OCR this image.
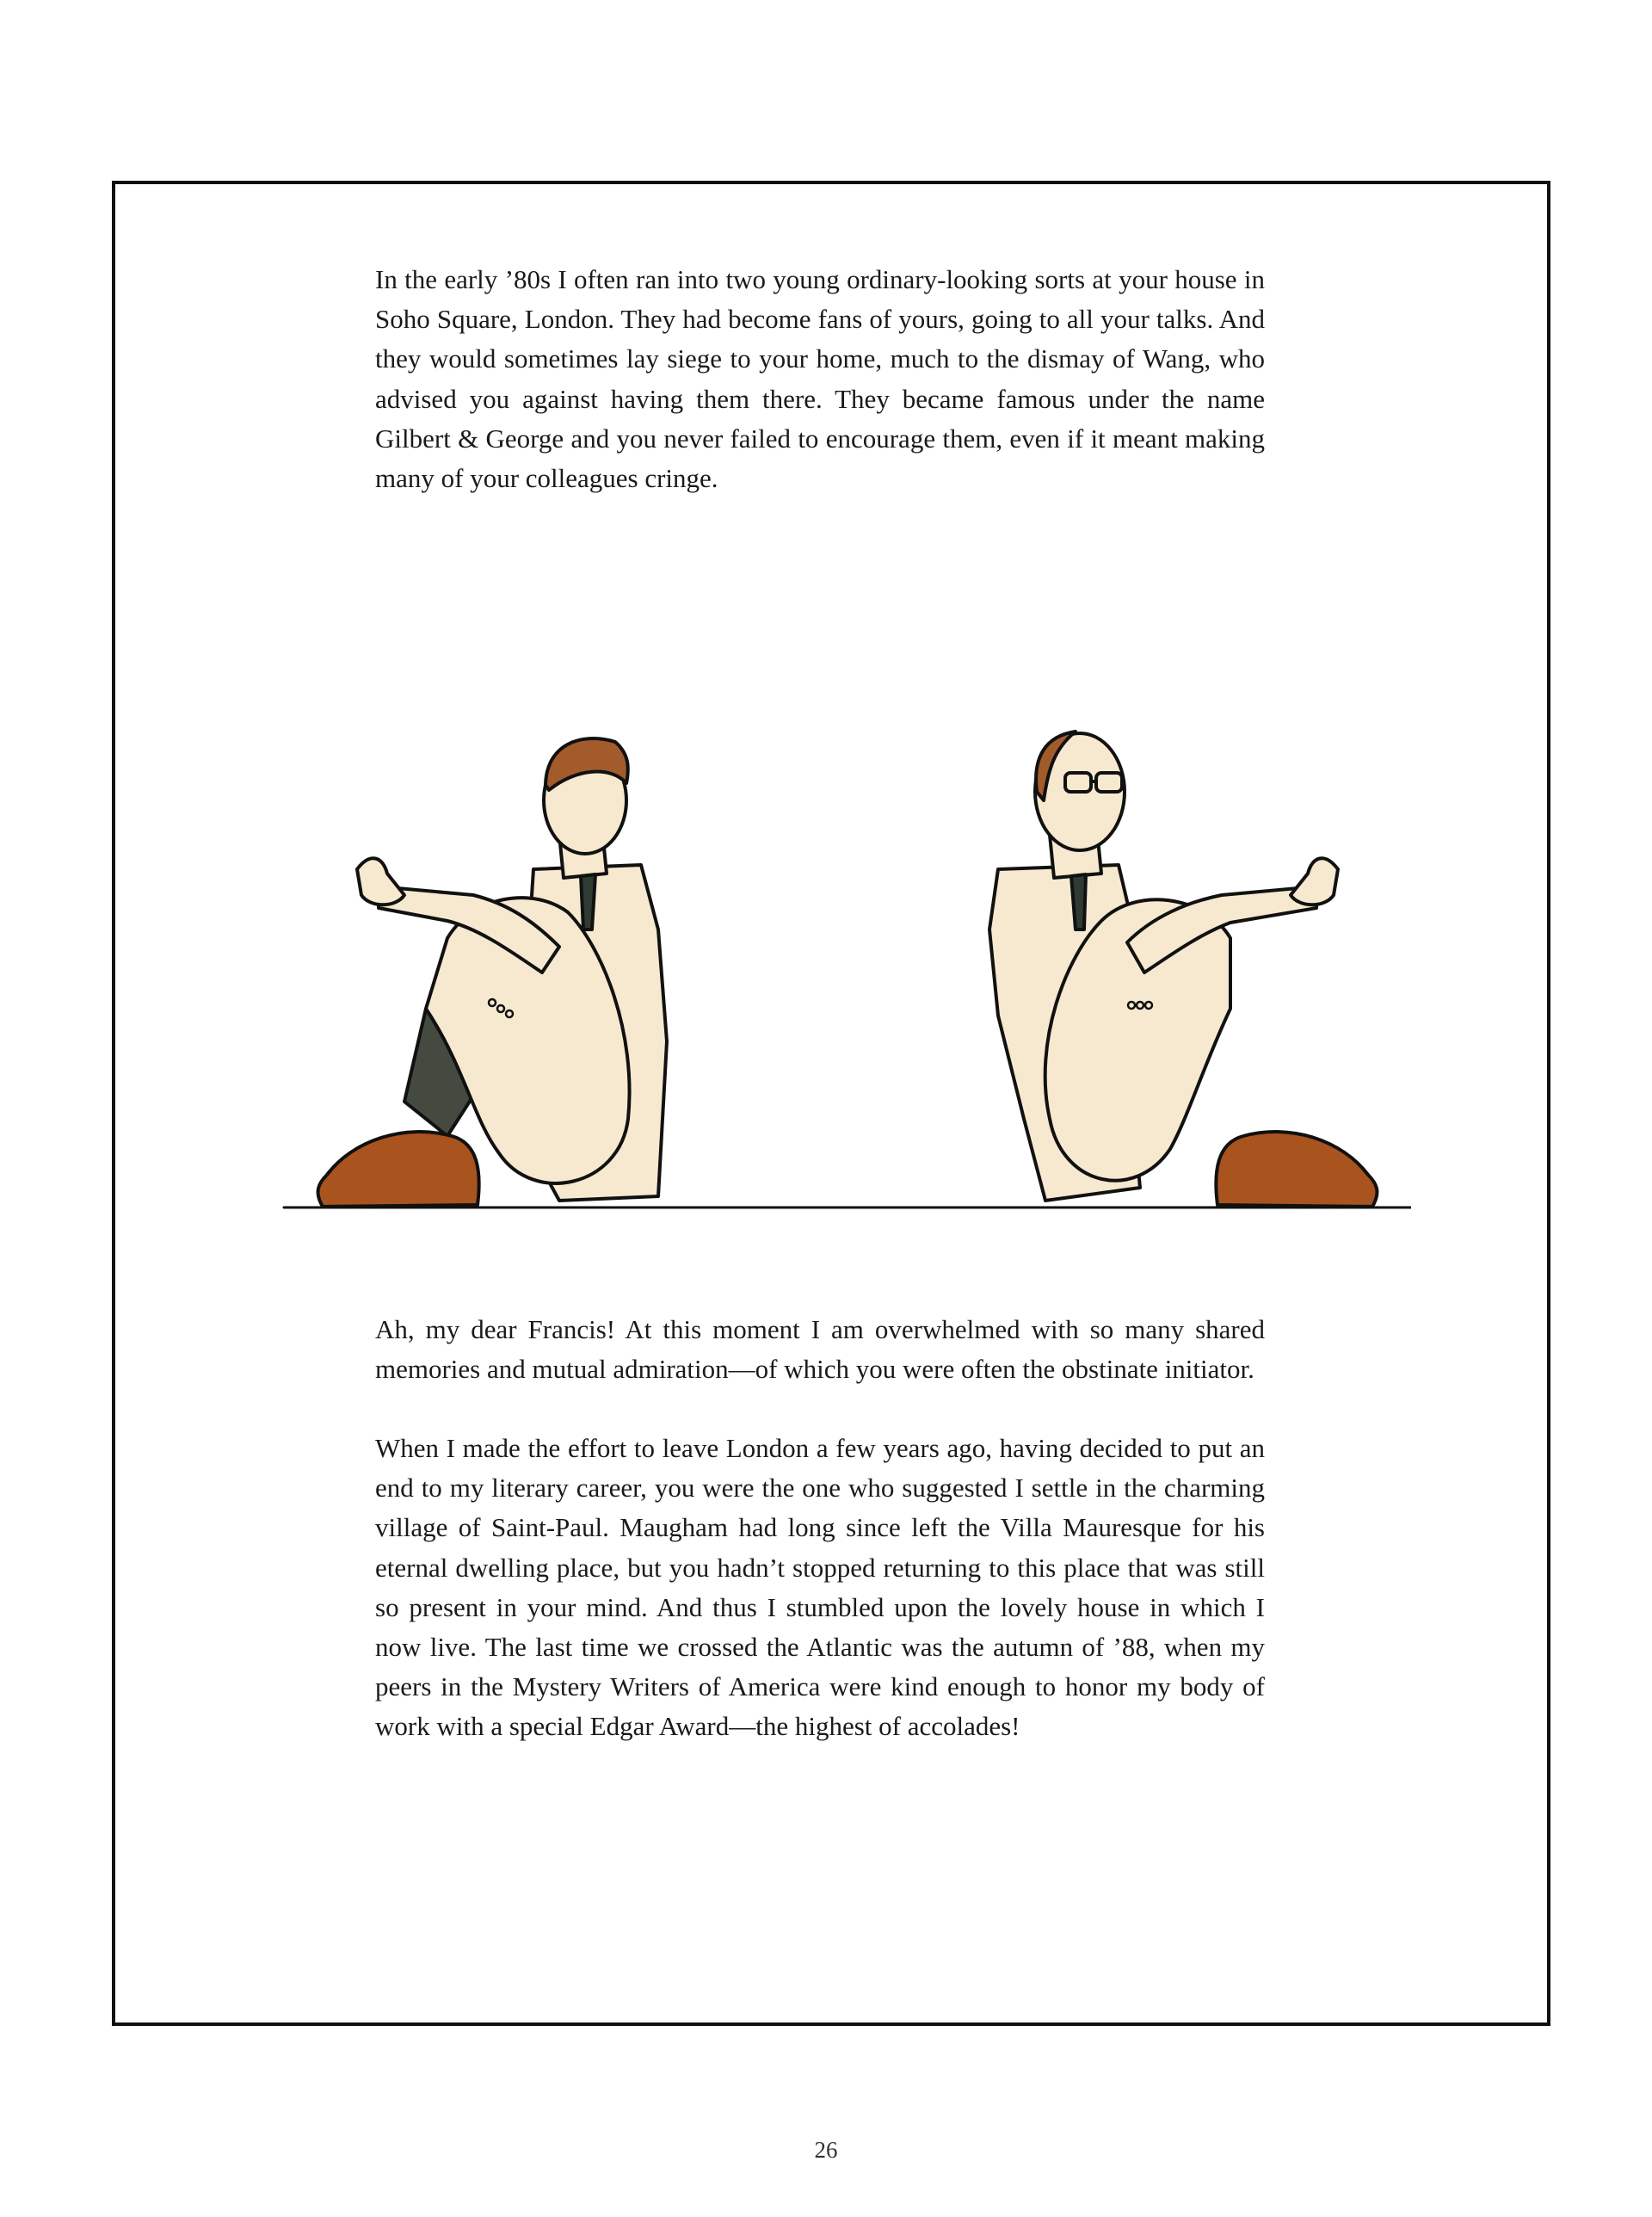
In the early ’80s I often ran into two young ordinary-looking sorts at your house in Soho Square, London. They had become fans of yours, going to all your talks. And they would sometimes lay siege to your home, much to the dismay of Wang, who advised you against having them there. They became famous under the name Gilbert & George and you never failed to encourage them, even if it meant making many of your colleagues cringe.

Ah, my dear Francis! At this moment I am overwhelmed with so many shared memories and mutual admiration—of which you were often the obstinate initiator.

When I made the effort to leave London a few years ago, having decided to put an end to my literary career, you were the one who suggested I settle in the charming village of Saint-Paul. Maugham had long since left the Villa Mauresque for his eternal dwelling place, but you hadn’t stopped returning to this place that was still so present in your mind. And thus I stumbled upon the lovely house in which I now live. The last time we crossed the Atlantic was the autumn of ’88, when my peers in the Mystery Writers of America were kind enough to honor my body of work with a special Edgar Award—the highest of accolades!

26
